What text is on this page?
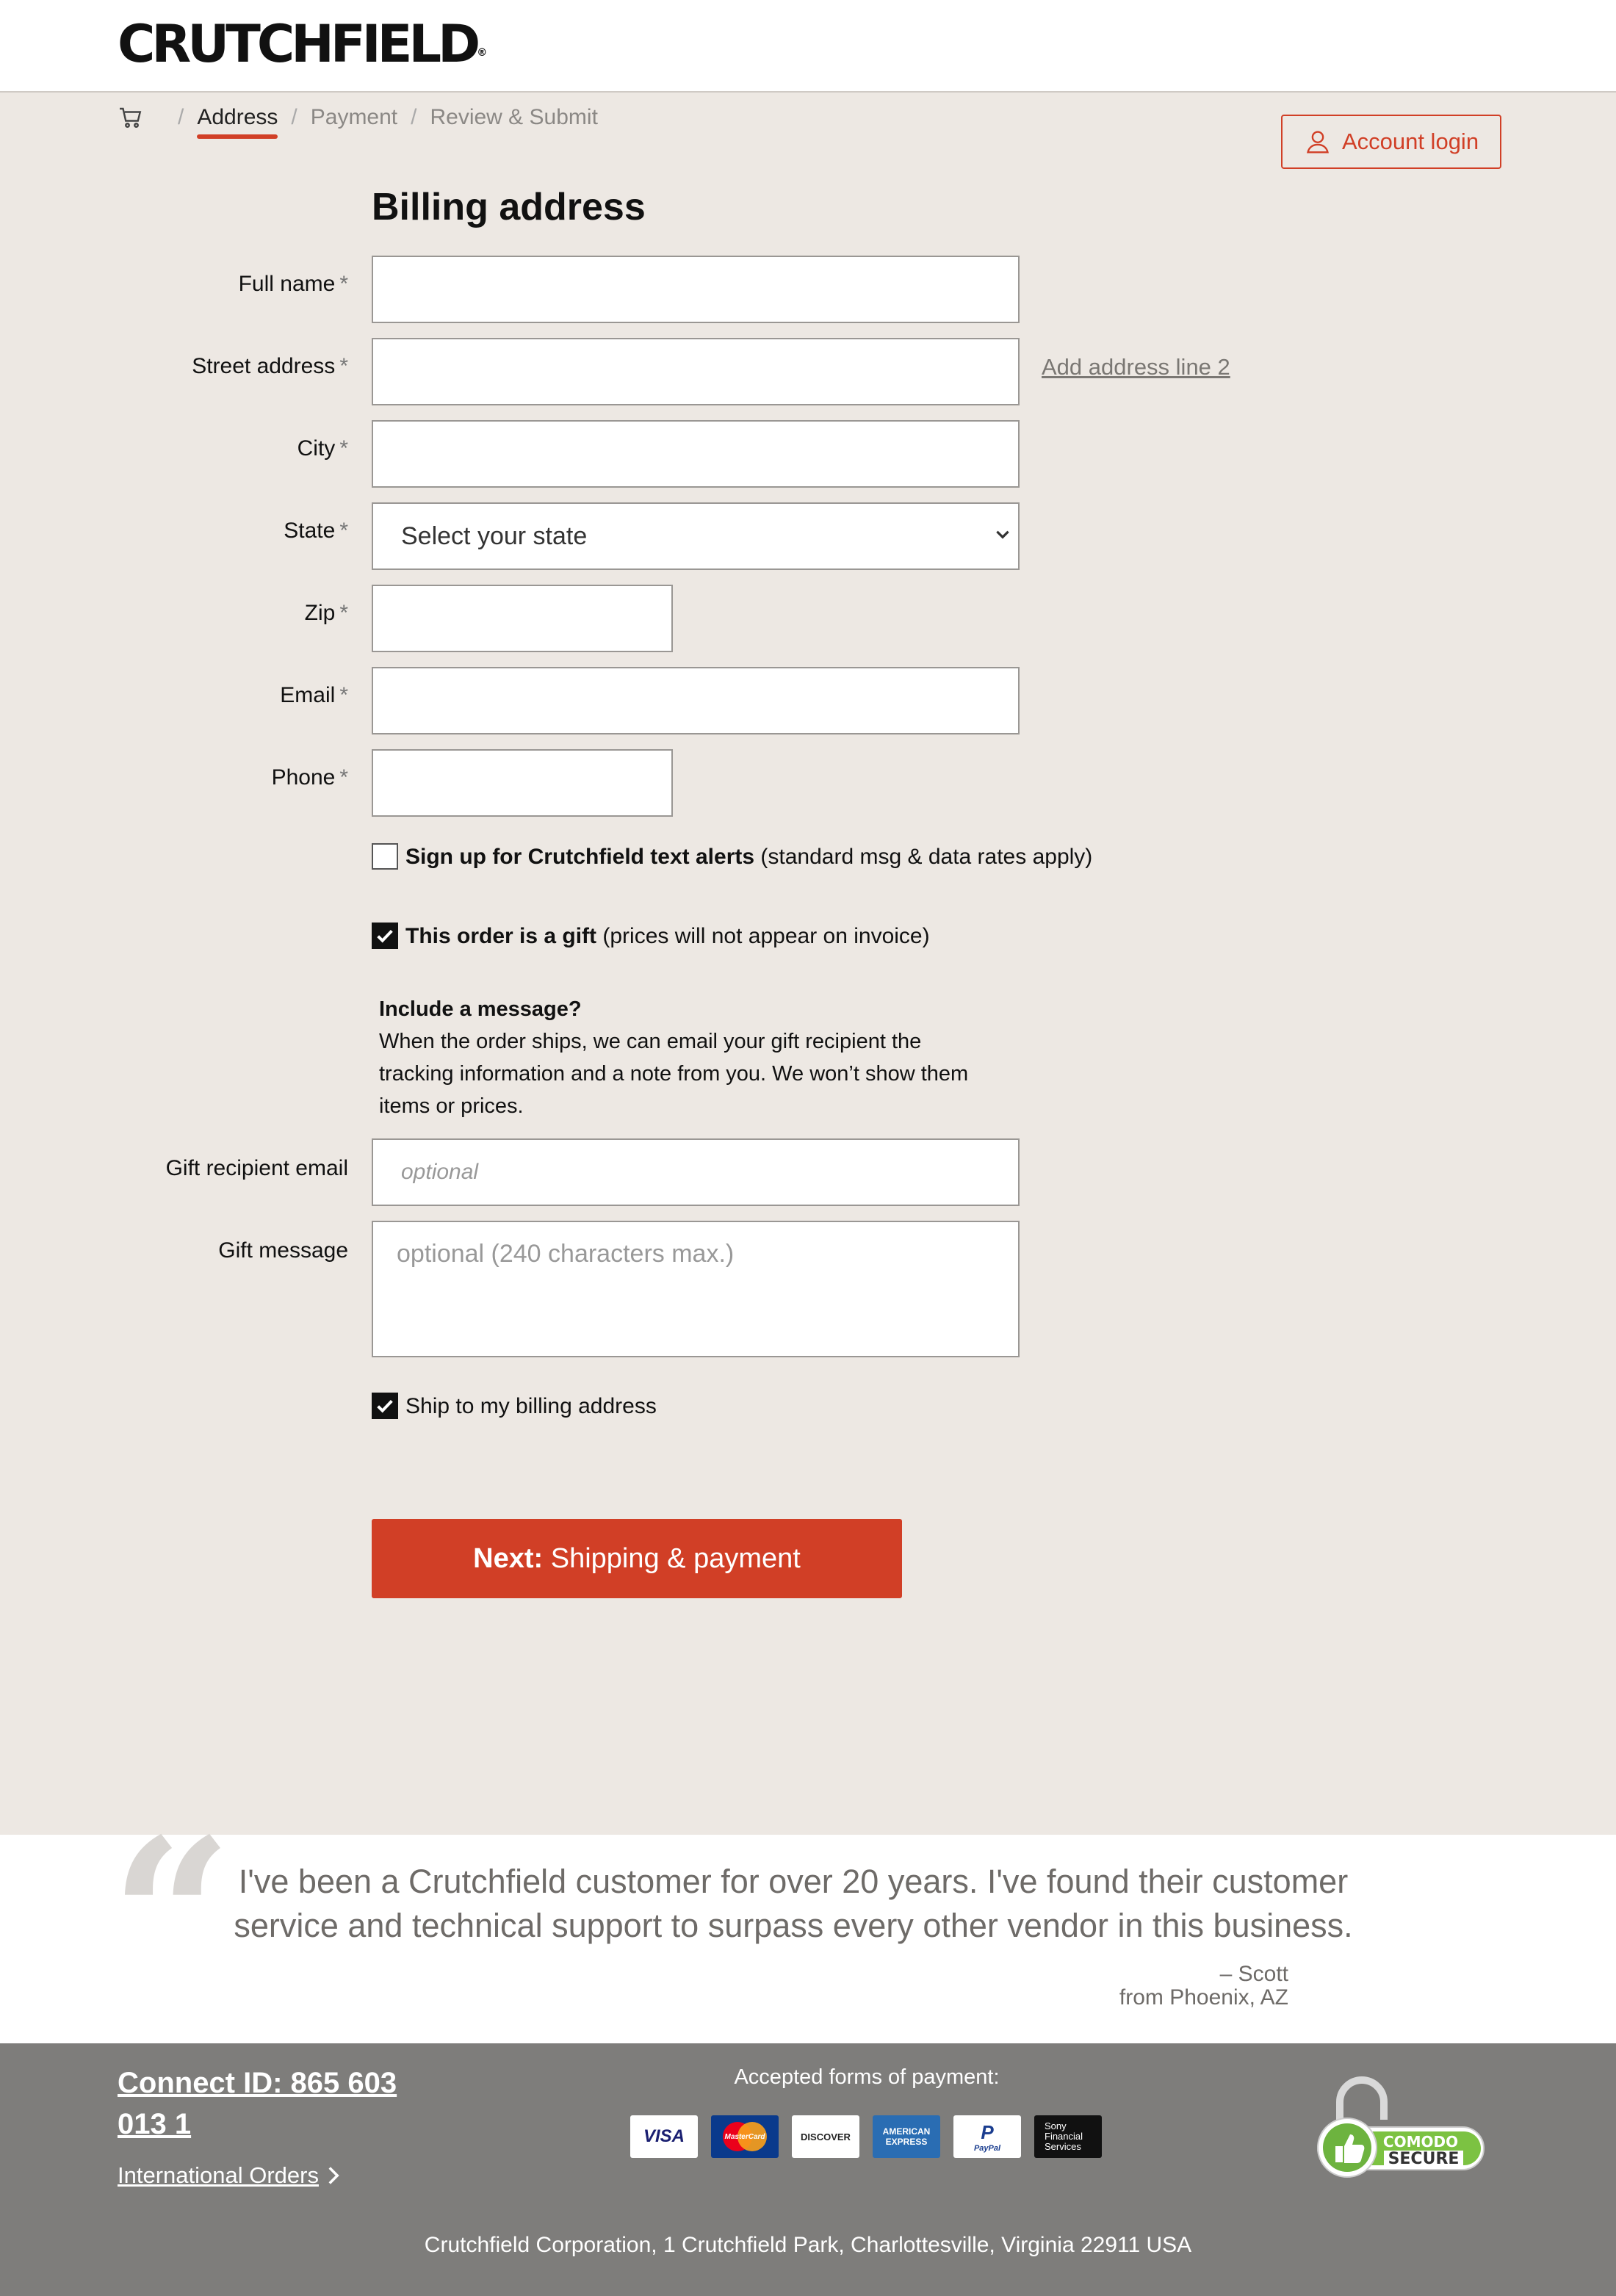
CRUTCHFIELD®
/ Address / Payment / Review & Submit
Account login
Billing address
Full name *
Street address *	Add address line 2
City *
State *
Select your state
Zip *
Email *
Phone *
Sign up for Crutchfield text alerts (standard msg & data rates apply)
This order is a gift (prices will not appear on invoice)
Include a message?
When the order ships, we can email your gift recipient the tracking information and a note from you. We won’t show them items or prices.
Gift recipient email
optional
Gift message
optional (240 characters max.)
Ship to my billing address
Next: Shipping & payment
“ I've been a Crutchfield customer for over 20 years. I've found their customer service and technical support to surpass every other vendor in this business.
– Scott
from Phoenix, AZ
Connect ID: 865 603 013 1
International Orders
Accepted forms of payment:
VISA	MasterCard	DISCOVER	AMERICAN EXPRESS	P
PayPal
Sony Financial Services	COMODO
SECURE
Crutchfield Corporation, 1 Crutchfield Park, Charlottesville, Virginia 22911 USA
